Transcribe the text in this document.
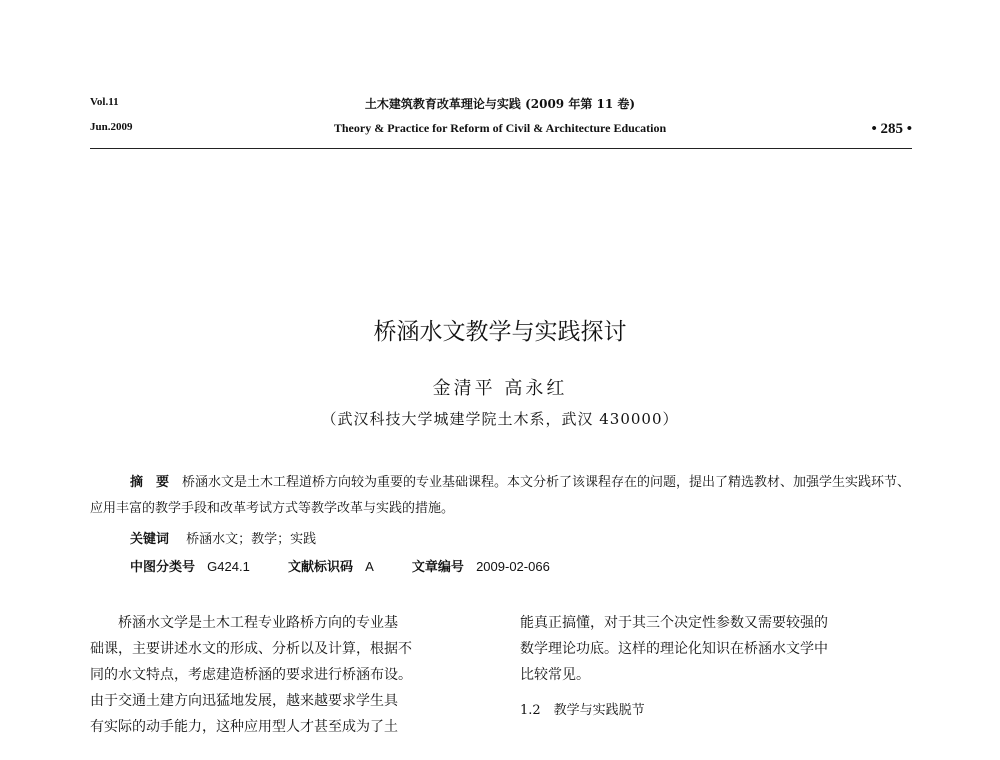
Vol.11
Jun.2009
土木建筑教育改革理论与实践 (2009 年第 11 卷)
Theory & Practice for Reform of Civil & Architecture Education	• 285 •
桥涵水文教学与实践探讨
金清平 高永红
（武汉科技大学城建学院土木系，武汉 430000）

摘　要　 桥涵水文是土木工程道桥方向较为重要的专业基础课程。本文分析了该课程存在的问题，提出了精选教材、加强学生实践环节、应用丰富的教学手段和改革考试方式等教学改革与实践的措施。

关键词　 桥涵水文；教学；实践
中图分类号 G424.1	文献标识码 A	文章编号 2009-02-066

桥涵水文学是土木工程专业路桥方向的专业基

础课，主要讲述水文的形成、分析以及计算，根据不

同的水文特点，考虑建造桥涵的要求进行桥涵布设。

由于交通土建方向迅猛地发展，越来越要求学生具

有实际的动手能力，这种应用型人才甚至成为了土

能真正搞懂，对于其三个决定性参数又需要较强的

数学理论功底。这样的理论化知识在桥涵水文学中

比较常见。

1.2　教学与实践脱节
